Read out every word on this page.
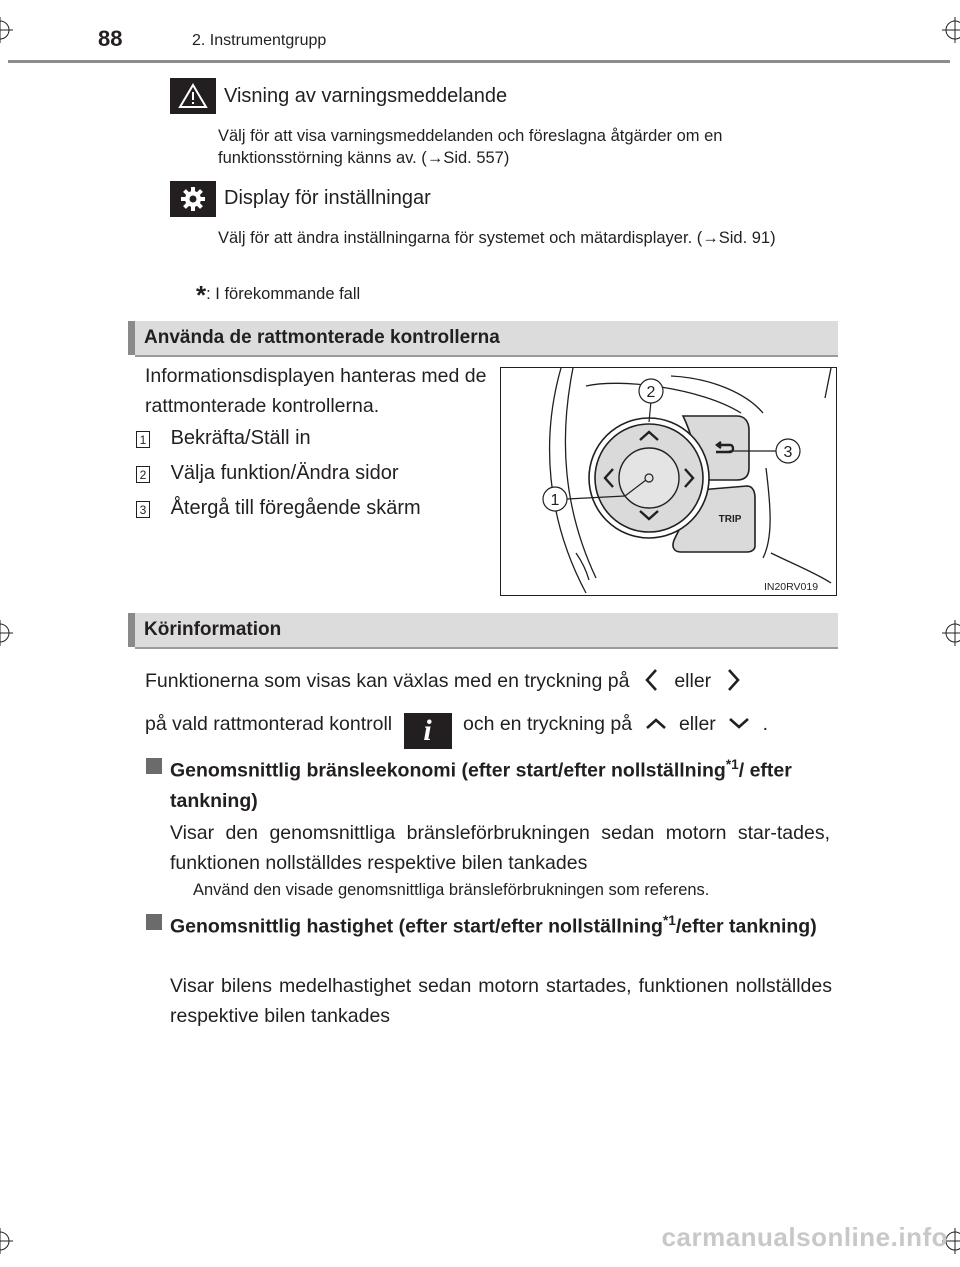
88	2. Instrumentgrupp
Visning av varningsmeddelande
Välj för att visa varningsmeddelanden och föreslagna åtgärder om en funktionsstörning känns av. (→Sid. 557)
Display för inställningar
Välj för att ändra inställningarna för systemet och mätardisplayer. (→Sid. 91)
*: I förekommande fall
Använda de rattmonterade kontrollerna
Informationsdisplayen hanteras med de rattmonterade kontrollerna.
1 Bekräfta/Ställ in
2 Välja funktion/Ändra sidor
3 Återgå till föregående skärm
2
3
1
TRIP
IN20RV019
Körinformation
Funktionerna som visas kan växlas med en tryckning på eller
på vald rattmonterad kontroll i och en tryckning på eller .
Genomsnittlig bränsleekonomi (efter start/efter nollställning$^{*1}$/ efter tankning)
Visar den genomsnittliga bränsleförbrukningen sedan motorn star-tades, funktionen nollställdes respektive bilen tankades
Använd den visade genomsnittliga bränsleförbrukningen som referens.
Genomsnittlig hastighet (efter start/efter nollställning$^{*1}$/efter tankning)
Visar bilens medelhastighet sedan motorn startades, funktionen nollställdes respektive bilen tankades
carmanualsonline.info
